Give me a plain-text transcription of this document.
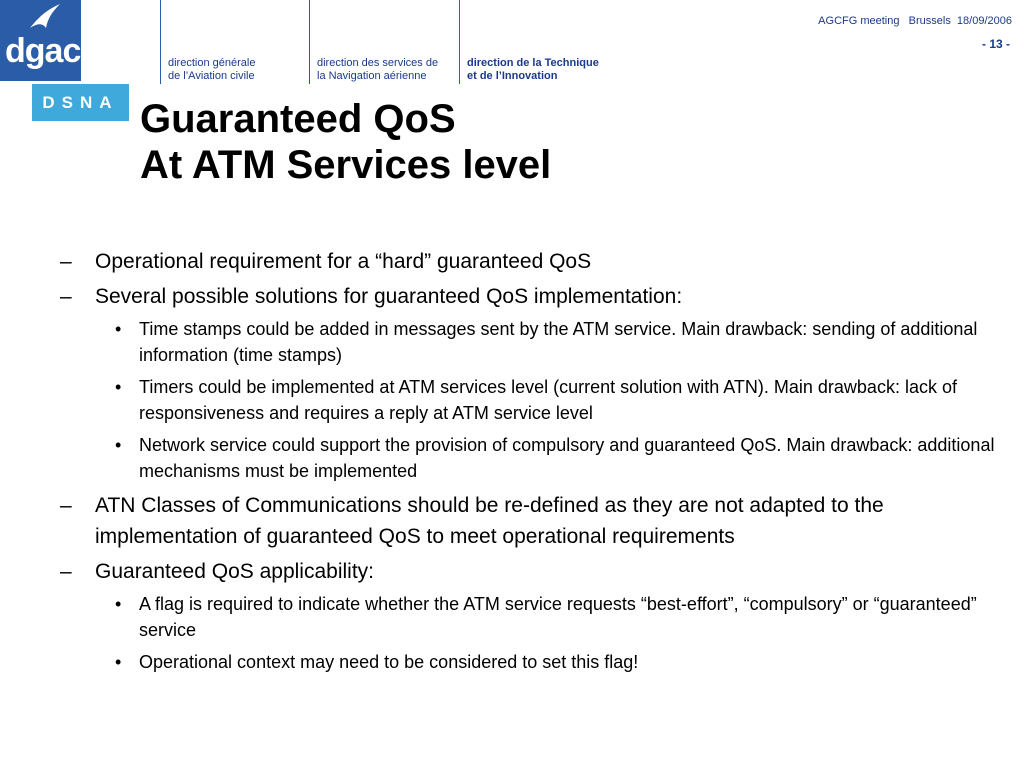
dgac
DSNA
direction générale
de l’Aviation civile
direction des services de
la Navigation aérienne
direction de la Technique
et de l’Innovation
AGCFG meeting   Brussels  18/09/2006
- 13 -
Guaranteed QoS
At ATM Services level
– Operational requirement for a “hard” guaranteed QoS
– Several possible solutions for guaranteed QoS implementation:
• Time stamps could be added in messages sent by the ATM service. Main drawback: sending of additional information (time stamps)
• Timers could be implemented at ATM services level (current solution with ATN). Main drawback: lack of responsiveness and requires a reply at ATM service level
• Network service could support the provision of compulsory and guaranteed QoS. Main drawback: additional mechanisms must be implemented
– ATN Classes of Communications should be re-defined as they are not adapted to the implementation of guaranteed QoS to meet operational requirements
– Guaranteed QoS applicability:
• A flag is required to indicate whether the ATM service requests “best-effort”, “compulsory” or “guaranteed” service
• Operational context may need to be considered to set this flag!
